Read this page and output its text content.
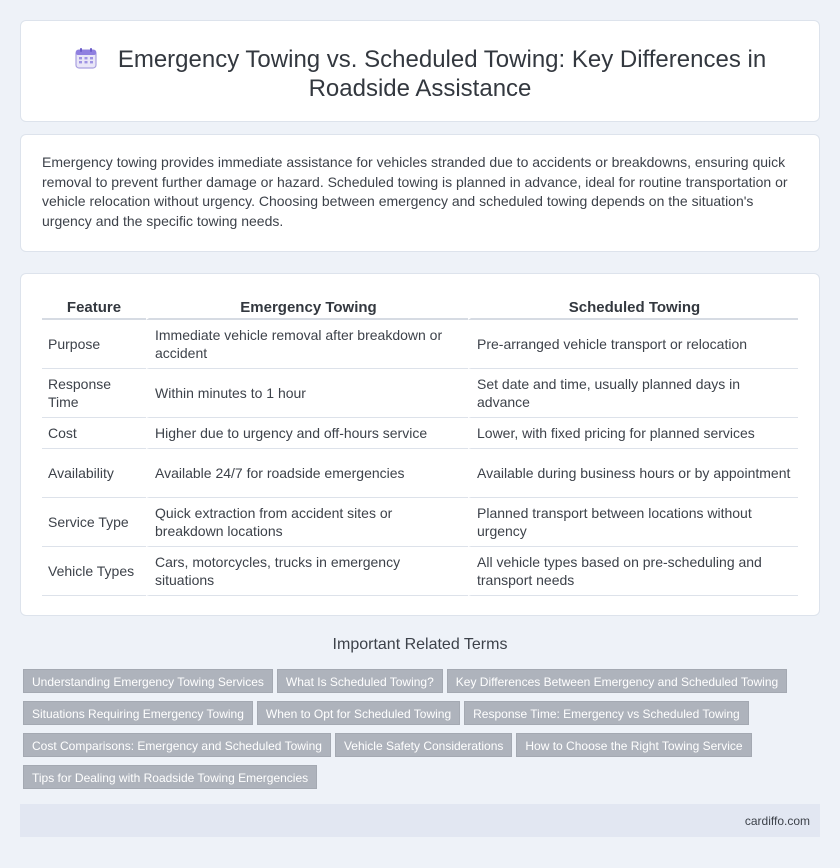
Emergency Towing vs. Scheduled Towing: Key Differences in
Roadside Assistance

Emergency towing provides immediate assistance for vehicles stranded due to accidents or breakdowns, ensuring quick removal to prevent further damage or hazard. Scheduled towing is planned in advance, ideal for routine transportation or vehicle relocation without urgency. Choosing between emergency and scheduled towing depends on the situation's urgency and the specific towing needs.

Feature	Emergency Towing	Scheduled Towing
Purpose	Immediate vehicle removal after breakdown or accident	Pre-arranged vehicle transport or relocation
Response Time	Within minutes to 1 hour	Set date and time, usually planned days in advance
Cost	Higher due to urgency and off-hours service	Lower, with fixed pricing for planned services
Availability	Available 24/7 for roadside emergencies	Available during business hours or by appointment
Service Type	Quick extraction from accident sites or breakdown locations	Planned transport between locations without urgency
Vehicle Types	Cars, motorcycles, trucks in emergency situations	All vehicle types based on pre-scheduling and transport needs
Important Related Terms
Understanding Emergency Towing Services What Is Scheduled Towing? Key Differences Between Emergency and Scheduled Towing
Situations Requiring Emergency Towing When to Opt for Scheduled Towing Response Time: Emergency vs Scheduled Towing
Cost Comparisons: Emergency and Scheduled Towing Vehicle Safety Considerations How to Choose the Right Towing Service
Tips for Dealing with Roadside Towing Emergencies
cardiffo.com
